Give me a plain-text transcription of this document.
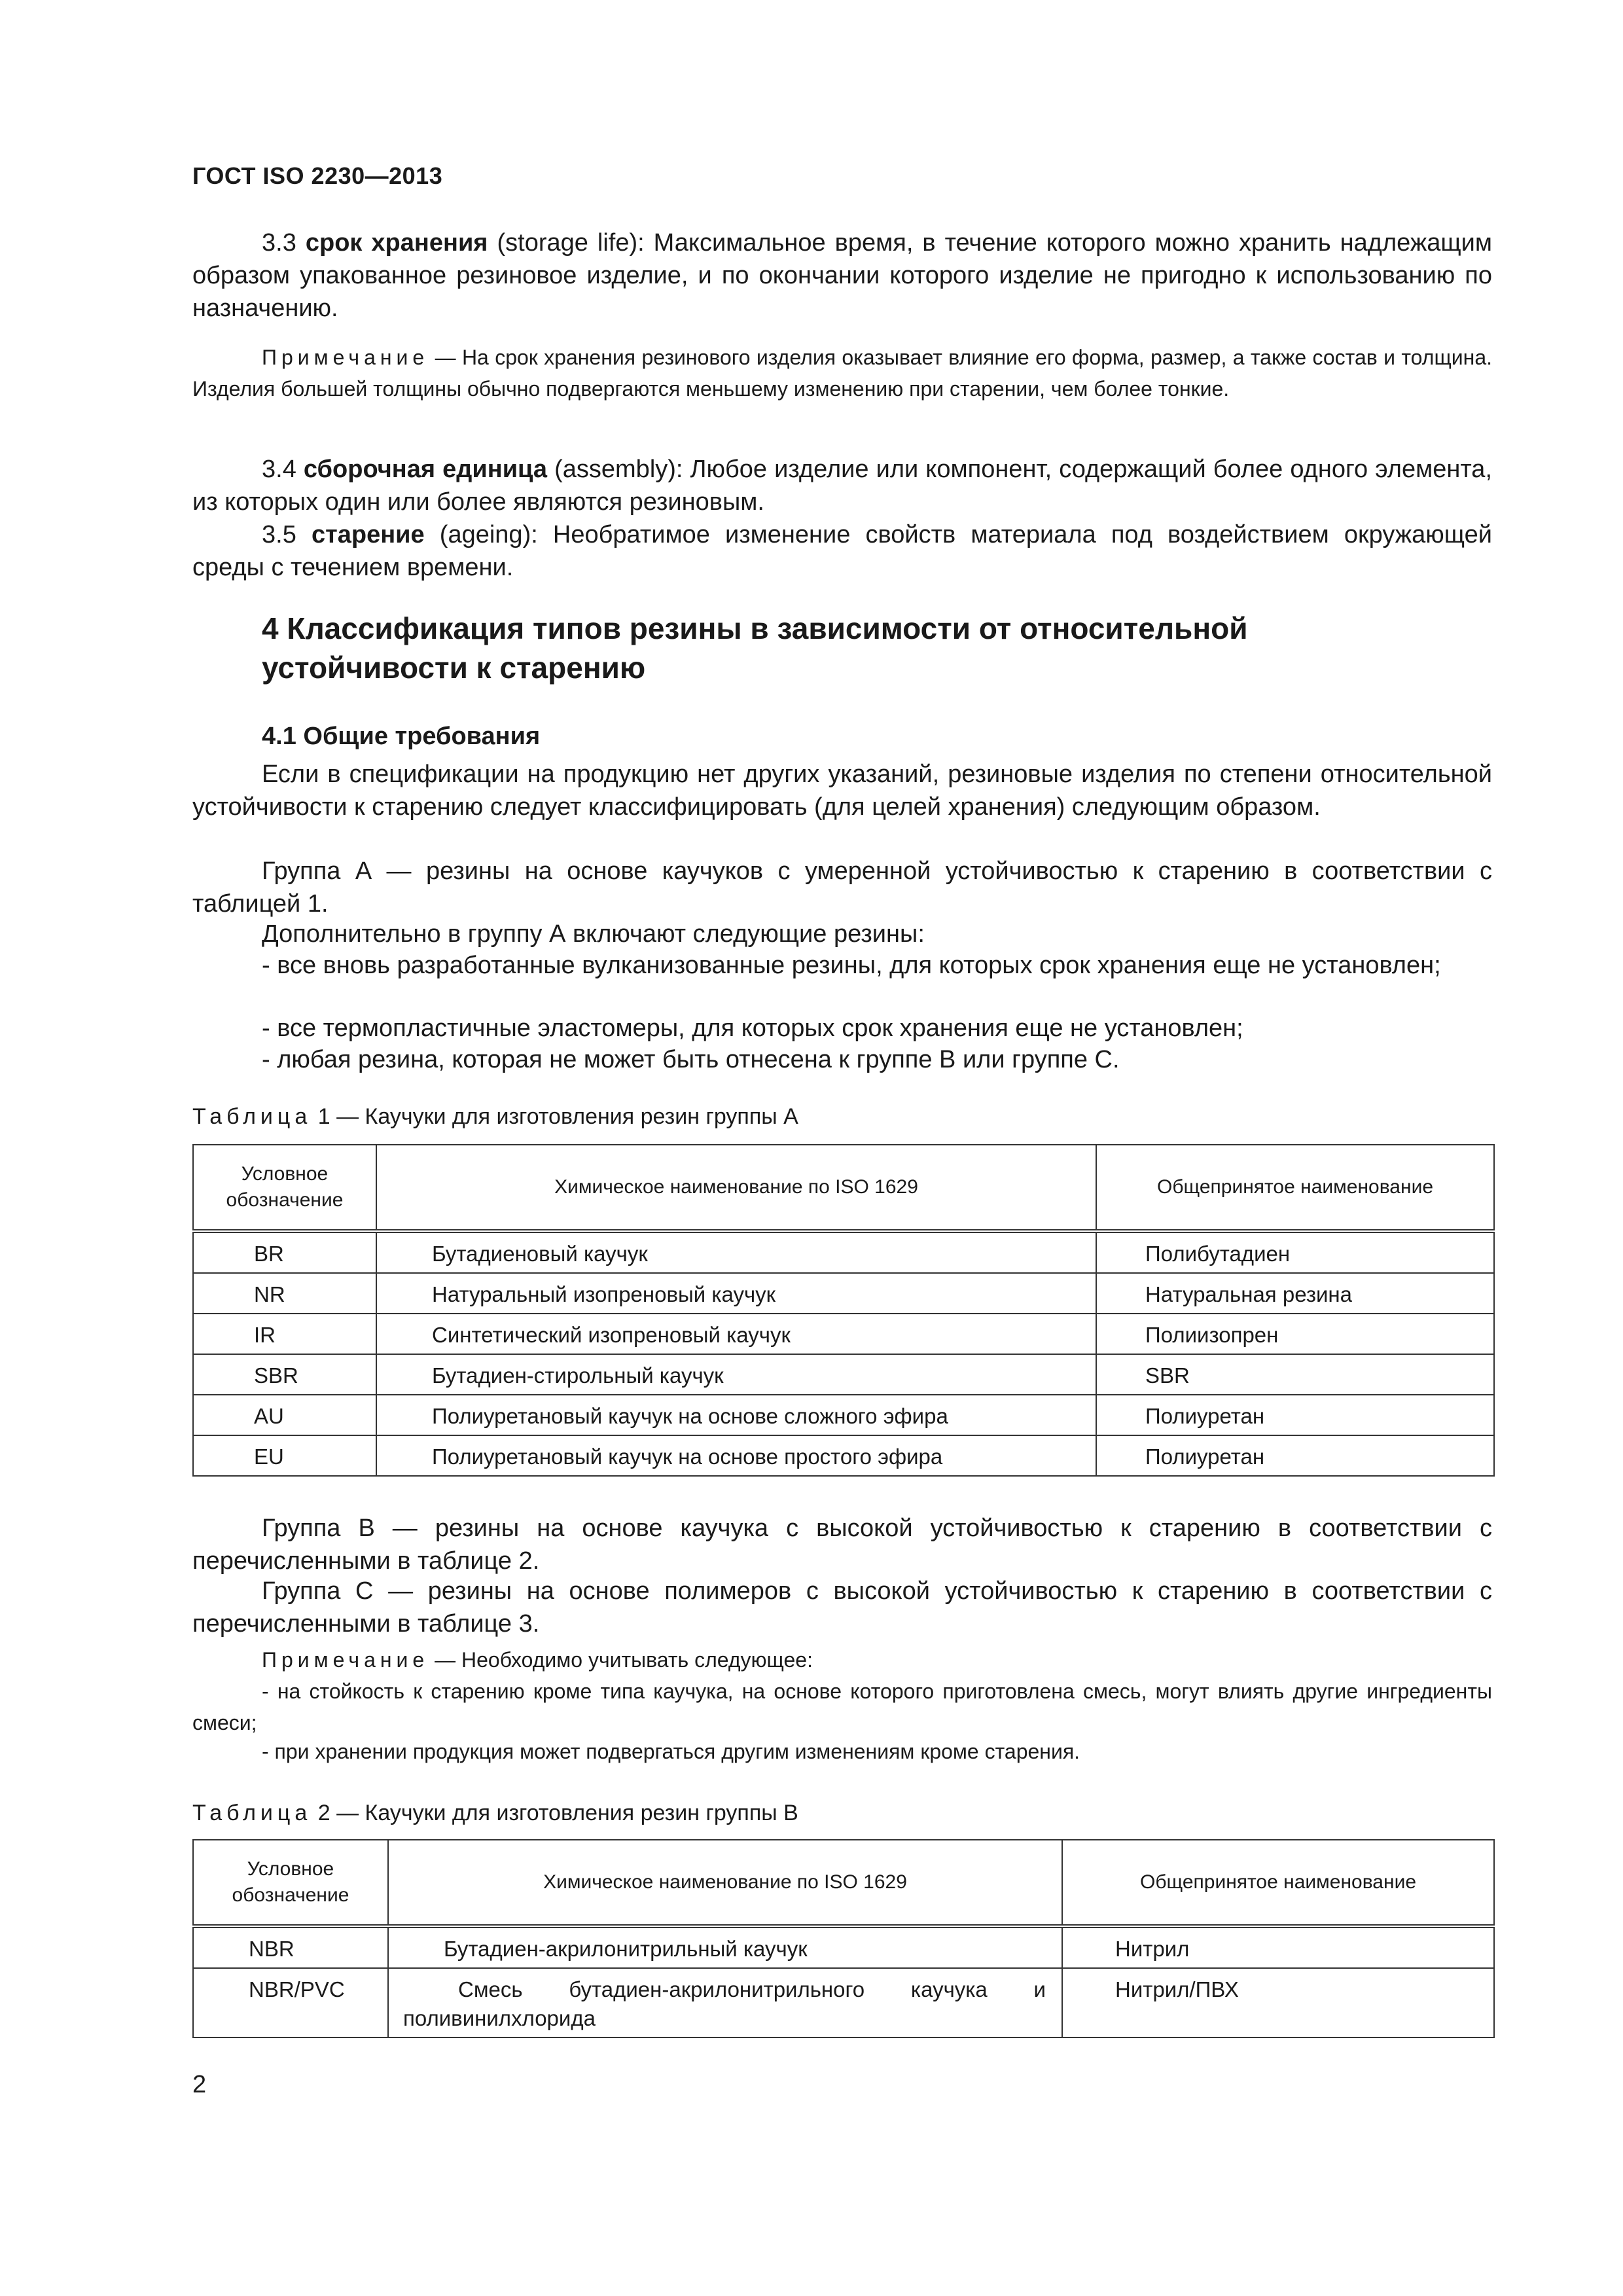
ГОСТ ISO 2230—2013
3.3 срок хранения (storage life): Максимальное время, в течение которого можно хранить надлежащим образом упакованное резиновое изделие, и по окончании которого изделие не пригодно к использованию по назначению.
Примечание — На срок хранения резинового изделия оказывает влияние его форма, размер, а также состав и толщина. Изделия большей толщины обычно подвергаются меньшему изменению при старении, чем более тонкие.
3.4 сборочная единица (assembly): Любое изделие или компонент, содержащий более одного элемента, из которых один или более являются резиновым.
3.5 старение (ageing): Необратимое изменение свойств материала под воздействием окружающей среды с течением времени.
4 Классификация типов резины в зависимости от относительной
устойчивости к старению
4.1 Общие требования
Если в спецификации на продукцию нет других указаний, резиновые изделия по степени относительной устойчивости к старению следует классифицировать (для целей хранения) следующим образом.
Группа А — резины на основе каучуков с умеренной устойчивостью к старению в соответствии с таблицей 1.
Дополнительно в группу А включают следующие резины:
- все вновь разработанные вулканизованные резины, для которых срок хранения еще не установлен;
- все термопластичные эластомеры, для которых срок хранения еще не установлен;
- любая резина, которая не может быть отнесена к группе В или группе С.
Таблица 1 — Каучуки для изготовления резин группы А
Условное обозначение	Химическое наименование по ISO 1629	Общепринятое наименование
BR	Бутадиеновый каучук	Полибутадиен
NR	Натуральный изопреновый каучук	Натуральная резина
IR	Синтетический изопреновый каучук	Полиизопрен
SBR	Бутадиен-стирольный каучук	SBR
AU	Полиуретановый каучук на основе сложного эфира	Полиуретан
EU	Полиуретановый каучук на основе простого эфира	Полиуретан
Группа В — резины на основе каучука с высокой устойчивостью к старению в соответствии с перечисленными в таблице 2.
Группа С — резины на основе полимеров с высокой устойчивостью к старению в соответствии с перечисленными в таблице 3.
Примечание — Необходимо учитывать следующее:
- на стойкость к старению кроме типа каучука, на основе которого приготовлена смесь, могут влиять другие ингредиенты смеси;
- при хранении продукция может подвергаться другим изменениям кроме старения.
Таблица 2 — Каучуки для изготовления резин группы В
Условное обозначение	Химическое наименование по ISO 1629	Общепринятое наименование
NBR	Бутадиен-акрилонитрильный каучук	Нитрил
NBR/PVC	Смесь бутадиен-акрилонитрильного каучука и поливинилхлорида	Нитрил/ПВХ
2
